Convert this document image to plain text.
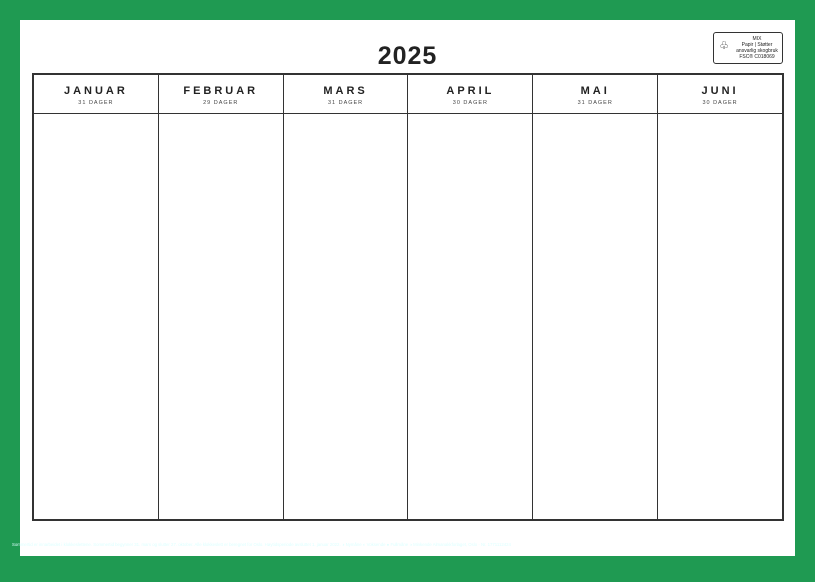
2025	♧
MIX
Papir | Støtter
ansvarlig skogbruk
FSC® C018069
JANUAR
31 DAGER
FEBRUAR
29 DAGER
MARS
31 DAGER
APRIL
30 DAGER
MAI
31 DAGER
JUNI
30 DAGER
Sommertid er innarbeidet i klokkeslettene. Sommertid begynner 31. mars og slutter 27. oktober. Alle klokkeslett er beregnet for Oslo. Høytidsperiode avsluttet 1. januar 2022. ◑ Nymåne ◐ Voksende ● Fullmåne ◑ Minkende Almanakkforlaget, Oslo · Nr. 1771112424
